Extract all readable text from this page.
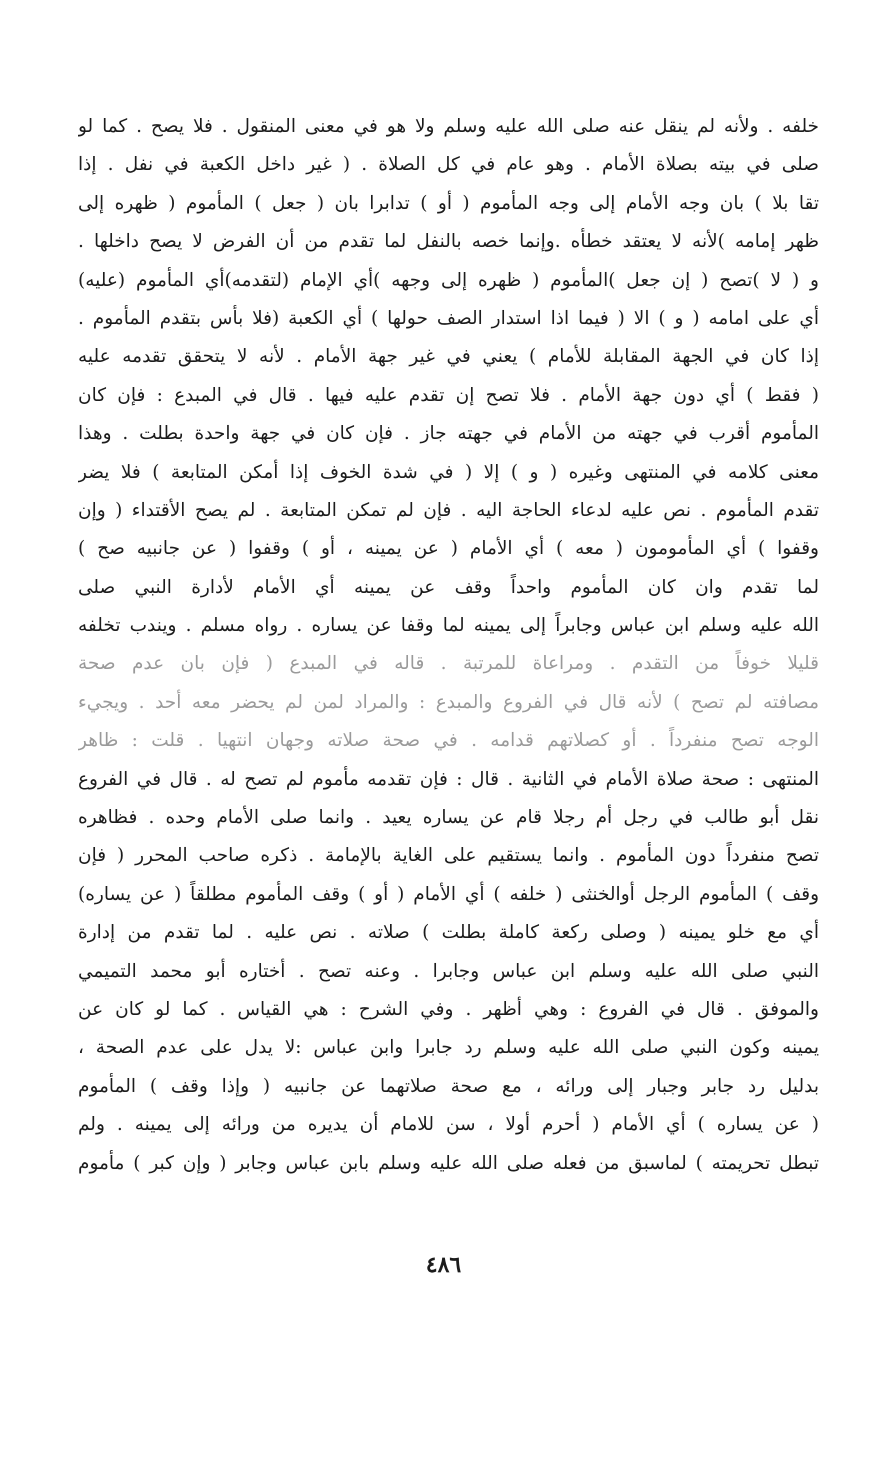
خلفه . ولأنه لم ينقل عنه صلى الله عليه وسلم ولا هو في معنى المنقول . فلا يصح . كما لو
صلى في بيته بصلاة الأمام . وهو عام في كل الصلاة . ( غير داخل الكعبة في نفل . إذا
تقا بلا ) بان وجه الأمام إلى وجه المأموم ( أو ) تدابرا بان ( جعل ) المأموم ( ظهره إلى
ظهر إمامه )لأنه لا يعتقد خطأه .وإنما خصه بالنفل لما تقدم من أن الفرض لا يصح داخلها .
و ( لا )تصح ( إن جعل )المأموم ( ظهره إلى وجهه )أي الإمام (لتقدمه)أي المأموم (عليه)
أي على امامه ( و ) الا ( فيما اذا استدار الصف حولها ) أي الكعبة (فلا بأس بتقدم المأموم .
إذا كان في الجهة المقابلة للأمام ) يعني في غير جهة الأمام . لأنه لا يتحقق تقدمه عليه
( فقط ) أي دون جهة الأمام . فلا تصح إن تقدم عليه فيها . قال في المبدع : فإن كان
المأموم أقرب في جهته من الأمام في جهته جاز . فإن كان في جهة واحدة بطلت . وهذا
معنى كلامه في المنتهى وغيره ( و ) إلا ( في شدة الخوف إذا أمكن المتابعة ) فلا يضر
تقدم المأموم . نص عليه لدعاء الحاجة اليه . فإن لم تمكن المتابعة . لم يصح الأقتداء ( وإن
وقفوا ) أي المأمومون ( معه ) أي الأمام ( عن يمينه ، أو ) وقفوا ( عن جانبيه صح )
لما تقدم وان كان المأموم واحداً وقف عن يمينه أي الأمام لأدارة النبي صلى
الله عليه وسلم ابن عباس وجابراً إلى يمينه لما وقفا عن يساره . رواه مسلم . ويندب تخلفه
قليلا خوفاً من التقدم . ومراعاة للمرتبة . قاله في المبدع ( فإن بان عدم صحة
مصافته لم تصح ) لأنه قال في الفروع والمبدع : والمراد لمن لم يحضر معه أحد . ويجيء
الوجه تصح منفرداً . أو كصلاتهم قدامه . في صحة صلاته وجهان انتهيا . قلت : ظاهر
المنتهى : صحة صلاة الأمام في الثانية . قال : فإن تقدمه مأموم لم تصح له . قال في الفروع
نقل أبو طالب في رجل أم رجلا قام عن يساره يعيد . وانما صلى الأمام وحده . فظاهره
تصح منفرداً دون المأموم . وانما يستقيم على الغاية بالإمامة . ذكره صاحب المحرر ( فإن
وقف ) المأموم الرجل أوالخنثى ( خلفه ) أي الأمام ( أو ) وقف المأموم مطلقاً ( عن يساره)
أي مع خلو يمينه ( وصلى ركعة كاملة بطلت ) صلاته . نص عليه . لما تقدم من إدارة
النبي صلى الله عليه وسلم ابن عباس وجابرا . وعنه تصح . أختاره أبو محمد التميمي
والموفق . قال في الفروع : وهي أظهر . وفي الشرح : هي القياس . كما لو كان عن
يمينه وكون النبي صلى الله عليه وسلم رد جابرا وابن عباس :لا يدل على عدم الصحة ،
بدليل رد جابر وجبار إلى ورائه ، مع صحة صلاتهما عن جانبيه ( وإذا وقف ) المأموم
( عن يساره ) أي الأمام ( أحرم أولا ، سن للامام أن يديره من ورائه إلى يمينه . ولم
تبطل تحريمته ) لماسبق من فعله صلى الله عليه وسلم بابن عباس وجابر ( وإن كبر ) مأموم
٤٨٦
